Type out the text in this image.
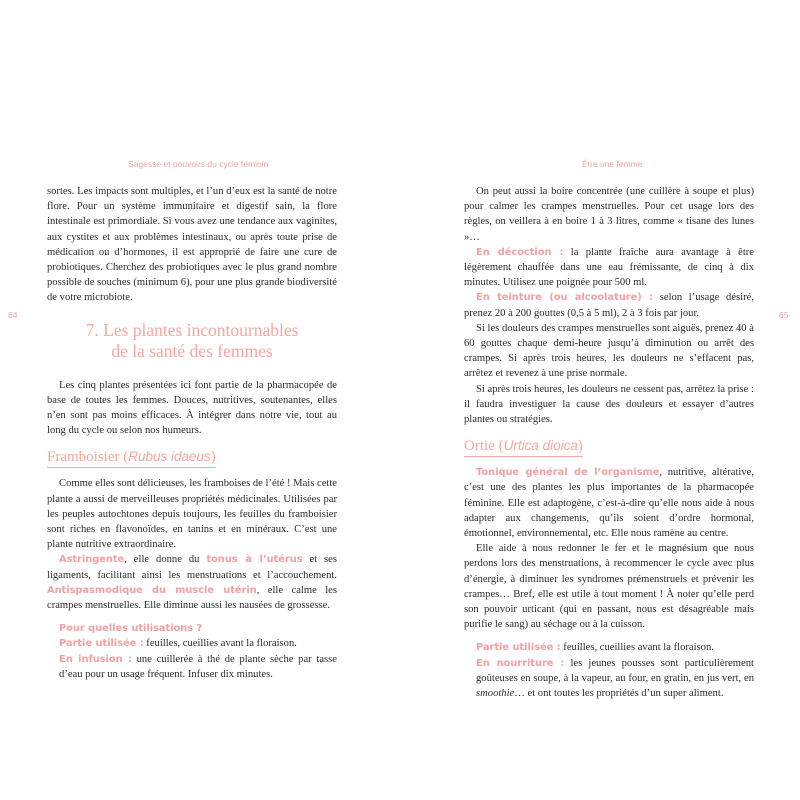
Sagesse et pouvoirs du cycle féminin	Être une femme
64	65

sortes. Les impacts sont multiples, et l’un d’eux est la santé de notre flore. Pour un système immunitaire et digestif sain, la flore intestinale est primordiale. Si vous avez une tendance aux vaginites, aux cystites et aux problèmes intestinaux, ou après toute prise de médication ou d’hormones, il est approprié de faire une cure de probiotiques. Cherchez des probiotiques avec le plus grand nombre possible de souches (minimum 6), pour une plus grande biodiversité de votre microbiote.

7. Les plantes incontournables
de la santé des femmes

Les cinq plantes présentées ici font partie de la pharmacopée de base de toutes les femmes. Douces, nutritives, soutenantes, elles n’en sont pas moins efficaces. À intégrer dans notre vie, tout au long du cycle ou selon nos humeurs.

Framboisier (Rubus idaeus)

Comme elles sont délicieuses, les framboises de l’été ! Mais cette plante a aussi de merveilleuses propriétés médicinales. Utilisées par les peuples autochtones depuis toujours, les feuilles du framboisier sont riches en flavonoïdes, en tanins et en minéraux. C’est une plante nutritive extraordinaire.

Astringente, elle donne du tonus à l’utérus et ses ligaments, facilitant ainsi les menstruations et l’accouchement. Antispasmodique du muscle utérin, elle calme les crampes menstruelles. Elle diminue aussi les nausées de grossesse.

Pour quelles utilisations ?

Partie utilisée : feuilles, cueillies avant la floraison.

En infusion : une cuillerée à thé de plante sèche par tasse d’eau pour un usage fréquent. Infuser dix minutes.

On peut aussi la boire concentrée (une cuillère à soupe et plus) pour calmer les crampes menstruelles. Pour cet usage lors des règles, on veillera à en boire 1 à 3 litres, comme « tisane des lunes »…

En décoction : la plante fraîche aura avantage à être légèrement chauffée dans une eau frémissante, de cinq à dix minutes. Utilisez une poignée pour 500 ml.

En teinture (ou alcoolature) : selon l’usage désiré, prenez 20 à 200 gouttes (0,5 à 5 ml), 2 à 3 fois par jour.

Si les douleurs des crampes menstruelles sont aiguës, prenez 40 à 60 gouttes chaque demi-heure jusqu’à diminution ou arrêt des crampes. Si après trois heures, les douleurs ne s’effacent pas, arrêtez et revenez à une prise normale.

Si après trois heures, les douleurs ne cessent pas, arrêtez la prise : il faudra investiguer la cause des douleurs et essayer d’autres plantes ou stratégies.

Ortie (Urtica dioica)

Tonique général de l’organisme, nutritive, altérative, c’est une des plantes les plus importantes de la pharmacopée féminine. Elle est adaptogène, c’est-à-dire qu’elle nous aide à nous adapter aux changements, qu’ils soient d’ordre hormonal, émotionnel, environnemental, etc. Elle nous ramène au centre.

Elle aide à nous redonner le fer et le magnésium que nous perdons lors des menstruations, à recommencer le cycle avec plus d’énergie, à diminuer les syndromes prémenstruels et prévenir les crampes… Bref, elle est utile à tout moment ! À noter qu’elle perd son pouvoir urticant (qui en passant, nous est désagréable mais purifie le sang) au séchage ou à la cuisson.

Partie utilisée : feuilles, cueillies avant la floraison.

En nourriture : les jeunes pousses sont particulièrement goûteuses en soupe, à la vapeur, au four, en gratin, en jus vert, en smoothie… et ont toutes les propriétés d’un super aliment.
